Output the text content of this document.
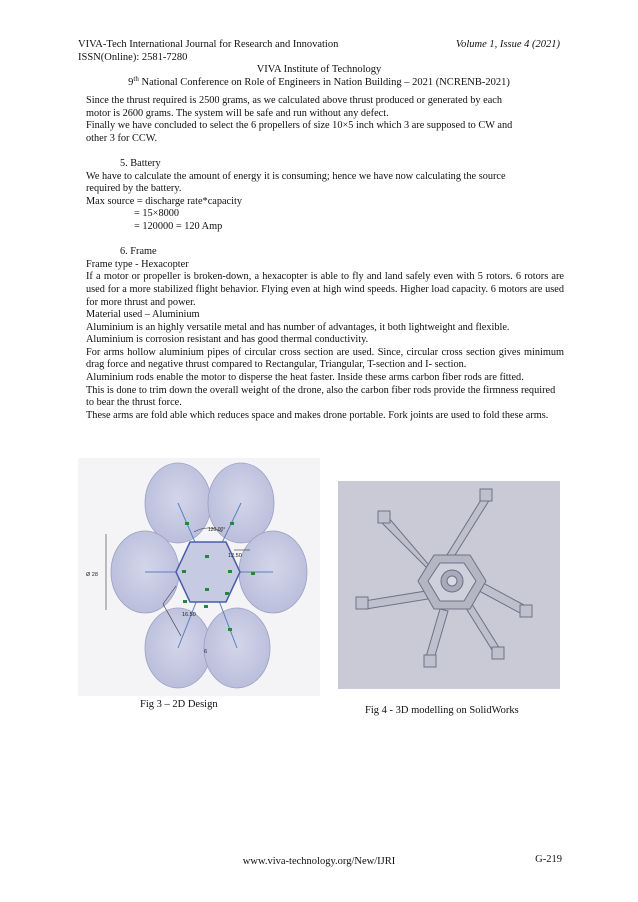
VIVA-Tech International Journal for Research and Innovation	Volume 1, Issue 4 (2021)
ISSN(Online): 2581-7280
VIVA Institute of Technology
9th National Conference on Role of Engineers in Nation Building – 2021 (NCRENB-2021)
Since the thrust required is 2500 grams, as we calculated above thrust produced or generated by each
motor is 2600 grams. The system will be safe and run without any defect.
Finally we have concluded to select the 6 propellers of size 10×5 inch which 3 are supposed to CW and
other 3 for CCW.
5. Battery
We have to calculate the amount of energy it is consuming; hence we have now calculating the source
required by the battery.
Max source = discharge rate*capacity
= 15×8000
= 120000 = 120 Amp
6. Frame
Frame type - Hexacopter
If a motor or propeller is broken-down, a hexacopter is able to fly and land safely even with 5 rotors. 6 rotors are used for a more stabilized flight behavior. Flying even at high wind speeds. Higher load capacity. 6 motors are used for more thrust and power.
Material used – Aluminium
Aluminium is an highly versatile metal and has number of advantages, it both lightweight and flexible.
Aluminium is corrosion resistant and has good thermal conductivity.
For arms hollow aluminium pipes of circular cross section are used. Since, circular cross section gives minimum drag force and negative thrust compared to Rectangular, Triangular, T-section and I- section.
Aluminium rods enable the motor to disperse the heat faster. Inside these arms carbon fiber rods are fitted.
This is done to trim down the overall weight of the drone, also the carbon fiber rods provide the firmness required to bear the thrust force.
These arms are fold able which reduces space and makes drone portable. Fork joints are used to fold these arms.
120.00°
12.50
16.50
Ø 28
6
Fig 3 – 2D Design
Fig 4 - 3D modelling on SolidWorks
www.viva-technology.org/New/IJRI	G-219
